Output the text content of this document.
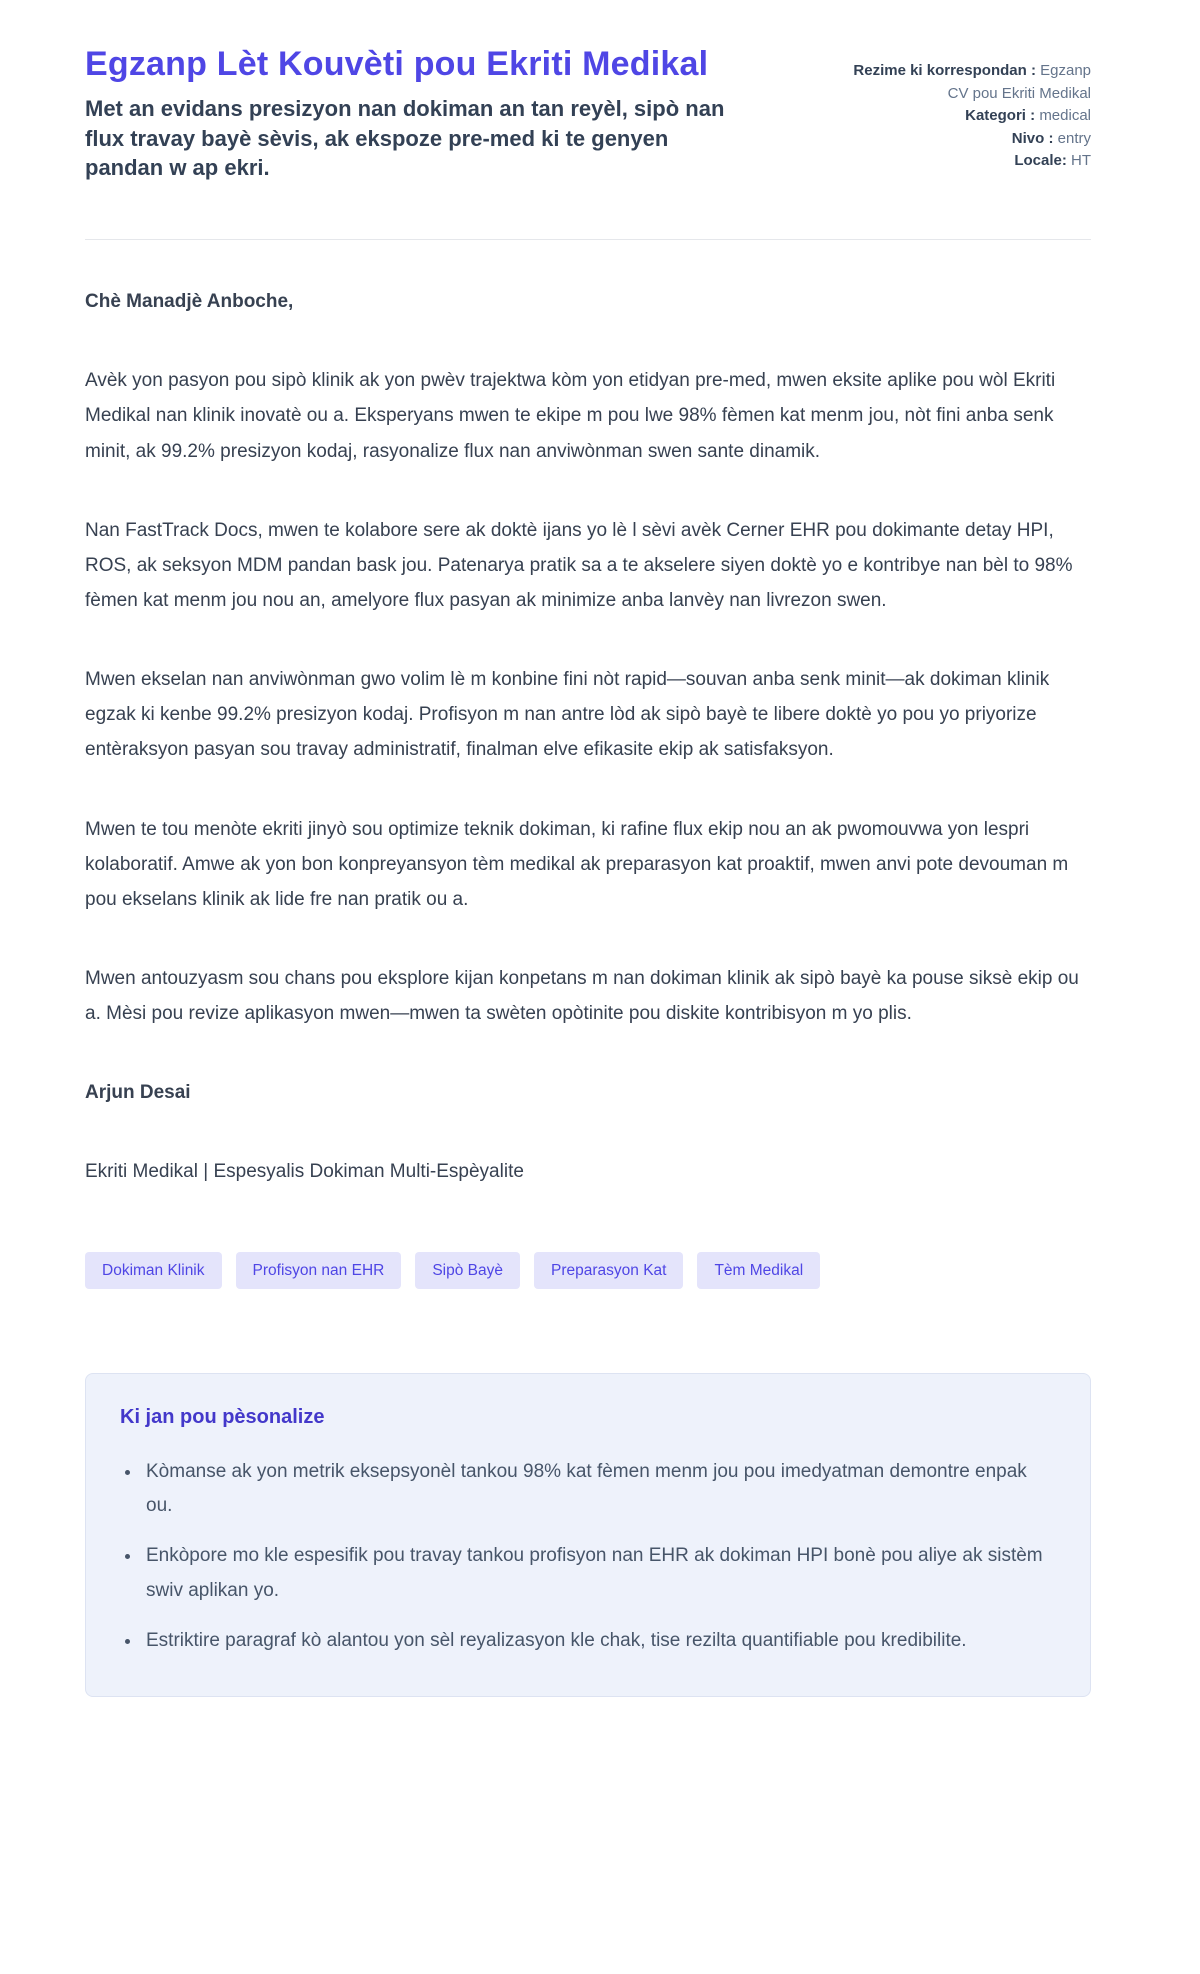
Egzanp Lèt Kouvèti pou Ekriti Medikal

Met an evidans presizyon nan dokiman an tan reyèl, sipò nan flux travay bayè sèvis, ak ekspoze pre-med ki te genyen pandan w ap ekri.

Rezime ki korrespondan : Egzanp CV pou Ekriti Medikal
Kategori : medical
Nivo : entry
Locale: HT

Chè Manadjè Anboche,

Avèk yon pasyon pou sipò klinik ak yon pwèv trajektwa kòm yon etidyan pre-med, mwen eksite aplike pou wòl Ekriti Medikal nan klinik inovatè ou a. Eksperyans mwen te ekipe m pou lwe 98% fèmen kat menm jou, nòt fini anba senk minit, ak 99.2% presizyon kodaj, rasyonalize flux nan anviwònman swen sante dinamik.

Nan FastTrack Docs, mwen te kolabore sere ak doktè ijans yo lè l sèvi avèk Cerner EHR pou dokimante detay HPI, ROS, ak seksyon MDM pandan bask jou. Patenarya pratik sa a te akselere siyen doktè yo e kontribye nan bèl to 98% fèmen kat menm jou nou an, amelyore flux pasyan ak minimize anba lanvèy nan livrezon swen.

Mwen ekselan nan anviwònman gwo volim lè m konbine fini nòt rapid—souvan anba senk minit—ak dokiman klinik egzak ki kenbe 99.2% presizyon kodaj. Profisyon m nan antre lòd ak sipò bayè te libere doktè yo pou yo priyorize entèraksyon pasyan sou travay administratif, finalman elve efikasite ekip ak satisfaksyon.

Mwen te tou menòte ekriti jinyò sou optimize teknik dokiman, ki rafine flux ekip nou an ak pwomouvwa yon lespri kolaboratif. Amwe ak yon bon konpreyansyon tèm medikal ak preparasyon kat proaktif, mwen anvi pote devouman m pou ekselans klinik ak lide fre nan pratik ou a.

Mwen antouzyasm sou chans pou eksplore kijan konpetans m nan dokiman klinik ak sipò bayè ka pouse siksè ekip ou a. Mèsi pou revize aplikasyon mwen—mwen ta swèten opòtinite pou diskite kontribisyon m yo plis.

Arjun Desai

Ekriti Medikal | Espesyalis Dokiman Multi-Espèyalite

Dokiman Klinik	Profisyon nan EHR	Sipò Bayè	Preparasyon Kat	Tèm Medikal
Ki jan pou pèsonalize
• Kòmanse ak yon metrik eksepsyonèl tankou 98% kat fèmen menm jou pou imedyatman demontre enpak ou.
• Enkòpore mo kle espesifik pou travay tankou profisyon nan EHR ak dokiman HPI bonè pou aliye ak sistèm swiv aplikan yo.
• Estriktire paragraf kò alantou yon sèl reyalizasyon kle chak, tise rezilta quantifiable pou kredibilite.
